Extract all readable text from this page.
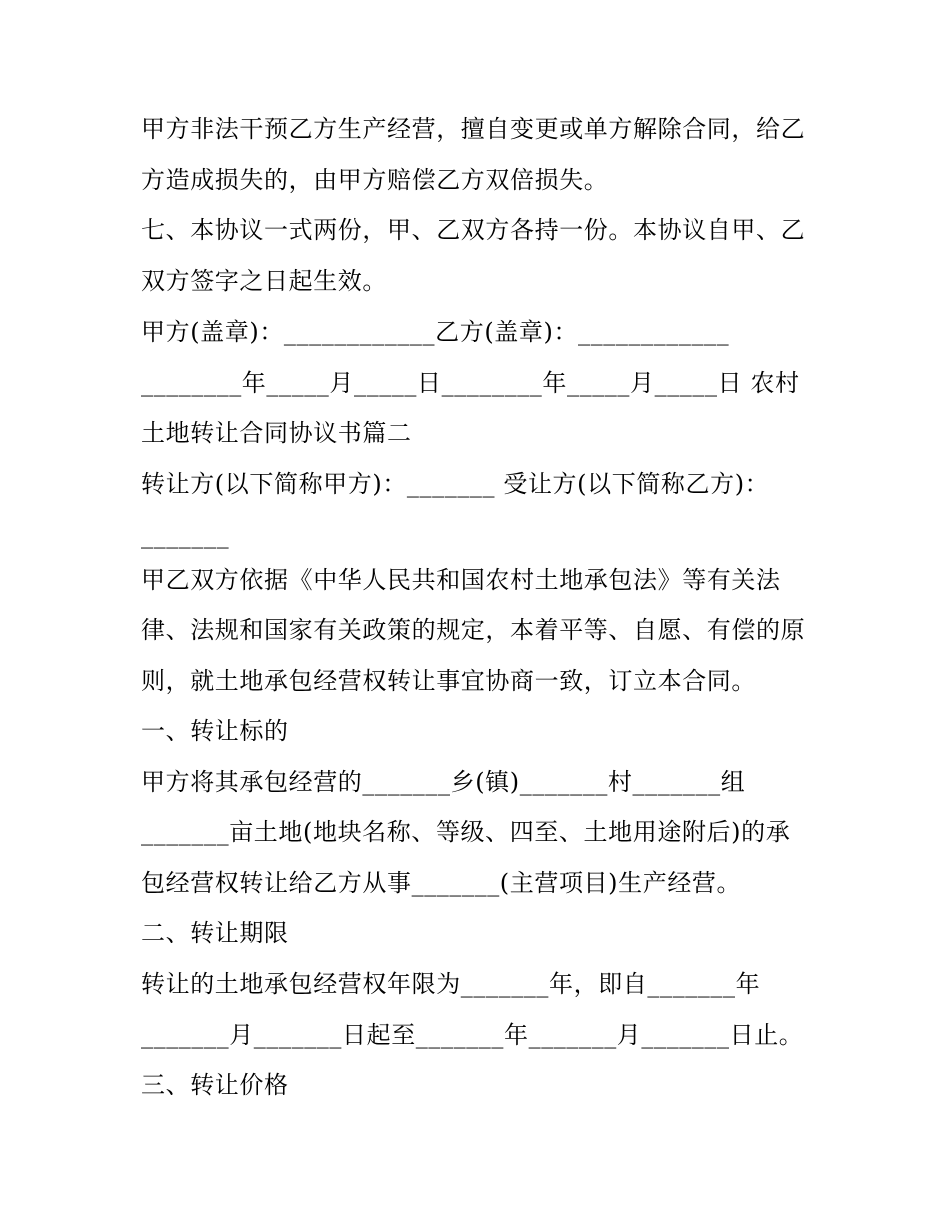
甲方非法干预乙方生产经营，擅自变更或单方解除合同，给乙
方造成损失的，由甲方赔偿乙方双倍损失。
七、本协议一式两份，甲、乙双方各持一份。本协议自甲、乙
双方签字之日起生效。
甲方(盖章)：____________乙方(盖章)：____________
________年_____月_____日________年_____月_____日 农村
土地转让合同协议书篇二
转让方(以下简称甲方)：_______ 受让方(以下简称乙方)：
_______
甲乙双方依据《中华人民共和国农村土地承包法》等有关法
律、法规和国家有关政策的规定，本着平等、自愿、有偿的原
则，就土地承包经营权转让事宜协商一致，订立本合同。
一、转让标的
甲方将其承包经营的_______乡(镇)_______村_______组
_______亩土地(地块名称、等级、四至、土地用途附后)的承
包经营权转让给乙方从事_______(主营项目)生产经营。
二、转让期限
转让的土地承包经营权年限为_______年，即自_______年
_______月_______日起至_______年_______月_______日止。
三、转让价格
